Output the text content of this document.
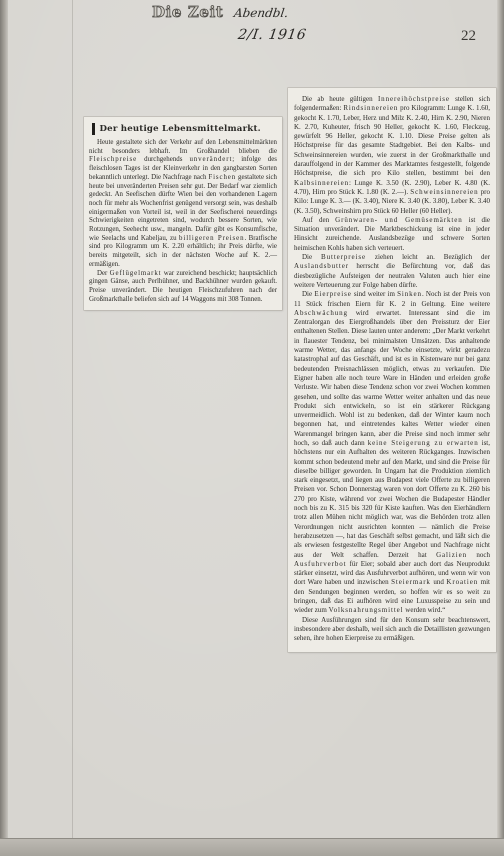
Die Zeit Abendbl.
2/I. 1916	22
Der heutige Lebensmittelmarkt.

Heute gestaltete sich der Verkehr auf den Lebensmittelmärkten nicht besonders lebhaft. Im Großhandel blieben die Fleischpreise durchgehends unverändert; infolge des fleischlosen Tages ist der Kleinverkehr in den gangbarsten Sorten bekanntlich unterlegt. Die Nachfrage nach Fischen gestaltete sich heute bei unveränderten Preisen sehr gut. Der Bedarf war ziemlich gedeckt. An Seefischen dürfte Wien bei den vorhandenen Lagern noch für mehr als Wochenfrist genügend versorgt sein, was deshalb einigermaßen von Vorteil ist, weil in der Seefischerei neuerdings Schwierigkeiten eingetreten sind, wodurch bessere Sorten, wie Rotzungen, Seehecht usw., mangeln. Dafür gibt es Konsumfische, wie Seelachs und Kabeljau, zu billigeren Preisen. Bratfische sind pro Kilogramm um K. 2.20 erhältlich; ihr Preis dürfte, wie bereits mitgeteilt, sich in der nächsten Woche auf K. 2.— ermäßigen.

Der Geflügelmarkt war zureichend beschickt; hauptsächlich gingen Gänse, auch Perlhühner, und Backhühner wurden gekauft. Preise unverändert. Die heutigen Fleischzufuhren nach der Großmarkthalle beliefen sich auf 14 Waggons mit 308 Tonnen.

Die ab heute gültigen Innereihöchstpreise stellen sich folgendermaßen: Rindsinnereien pro Kilogramm: Lunge K. 1.60, gekocht K. 1.70, Leber, Herz und Milz K. 2.40, Hirn K. 2.90, Nieren K. 2.70, Kuheuter, frisch 90 Heller, gekocht K. 1.60, Fleckzug, gewürfelt 96 Heller, gekocht K. 1.10. Diese Preise gelten als Höchstpreise für das gesamte Stadtgebiet. Bei den Kalbs- und Schweinsinnereien wurden, wie zuerst in der Großmarkthalle und darauffolgend in der Kammer des Marktamtes festgestellt, folgende Höchstpreise, die sich pro Kilo stellen, bestimmt bei den Kalbsinnereien: Lunge K. 3.50 (K. 2.90), Leber K. 4.80 (K. 4.70), Hirn pro Stück K. 1.80 (K. 2.—). Schweinsinnereien pro Kilo: Lunge K. 3.— (K. 3.40), Niere K. 3.40 (K. 3.80), Leber K. 3.40 (K. 3.50), Schweinshirn pro Stück 60 Heller (60 Heller).

Auf den Grünwaren- und Gemüsemärkten ist die Situation unverändert. Die Marktbeschickung ist eine in jeder Hinsicht zureichende. Auslandsbezüge und schwere Sorten heimischen Kohls haben sich verteuert.

Die Butterpreise ziehen leicht an. Bezüglich der Auslandsbutter herrscht die Befürchtung vor, daß das diesbezügliche Aufsteigen der neutralen Valuten auch hier eine weitere Verteuerung zur Folge haben dürfte.

Die Eierpreise sind weiter im Sinken. Noch ist der Preis von 11 Stück frischen Eiern für K. 2 in Geltung. Eine weitere Abschwächung wird erwartet. Interessant sind die im Zentralorgan des Eiergroßhandels über den Preissturz der Eier enthaltenen Stellen. Diese lauten unter anderem: „Der Markt verkehrt in flauester Tendenz, bei minimalsten Umsätzen. Das anhaltende warme Wetter, das anfangs der Woche einsetzte, wirkt geradezu katastrophal auf das Geschäft, und ist es in Kistenware nur bei ganz bedeutenden Preisnachlässen möglich, etwas zu verkaufen. Die Eigner haben alle noch teure Ware in Händen und erleiden große Verluste. Wir haben diese Tendenz schon vor zwei Wochen kommen gesehen, und sollte das warme Wetter weiter anhalten und das neue Produkt sich entwickeln, so ist ein stärkerer Rückgang unvermeidlich. Wohl ist zu bedenken, daß der Winter kaum noch begonnen hat, und eintretendes kaltes Wetter wieder einen Warenmangel bringen kann, aber die Preise sind noch immer sehr hoch, so daß auch dann keine Steigerung zu erwarten ist, höchstens nur ein Aufhalten des weiteren Rückganges. Inzwischen kommt schon bedeutend mehr auf den Markt, und sind die Preise für dieselbe billiger geworden. In Ungarn hat die Produktion ziemlich stark eingesetzt, und liegen aus Budapest viele Offerte zu billigeren Preisen vor. Schon Donnerstag waren von dort Offerte zu K. 260 bis 270 pro Kiste, während vor zwei Wochen die Budapester Händler noch bis zu K. 315 bis 320 für Kiste kauften. Was den Eierhändlern trotz allen Mühen nicht möglich war, was die Behörden trotz allen Verordnungen nicht ausrichten konnten — nämlich die Preise herabzusetzen —, hat das Geschäft selbst gemacht, und läßt sich die als erwiesen festgestellte Regel über Angebot und Nachfrage nicht aus der Welt schaffen. Derzeit hat Galizien noch Ausfuhrverbot für Eier; sobald aber auch dort das Neuprodukt stärker einsetzt, wird das Ausfuhrverbot aufhören, und wenn wir von dort Ware haben und inzwischen Steiermark und Kroatien mit den Sendungen beginnen werden, so hoffen wir es so weit zu bringen, daß das Ei aufhören wird eine Luxusspeise zu sein und wieder zum Volksnahrungsmittel werden wird.“

Diese Ausführungen sind für den Konsum sehr beachtenswert, insbesondere aber deshalb, weil sich auch die Detaillisten gezwungen sehen, ihre hohen Eierpreise zu ermäßigen.
